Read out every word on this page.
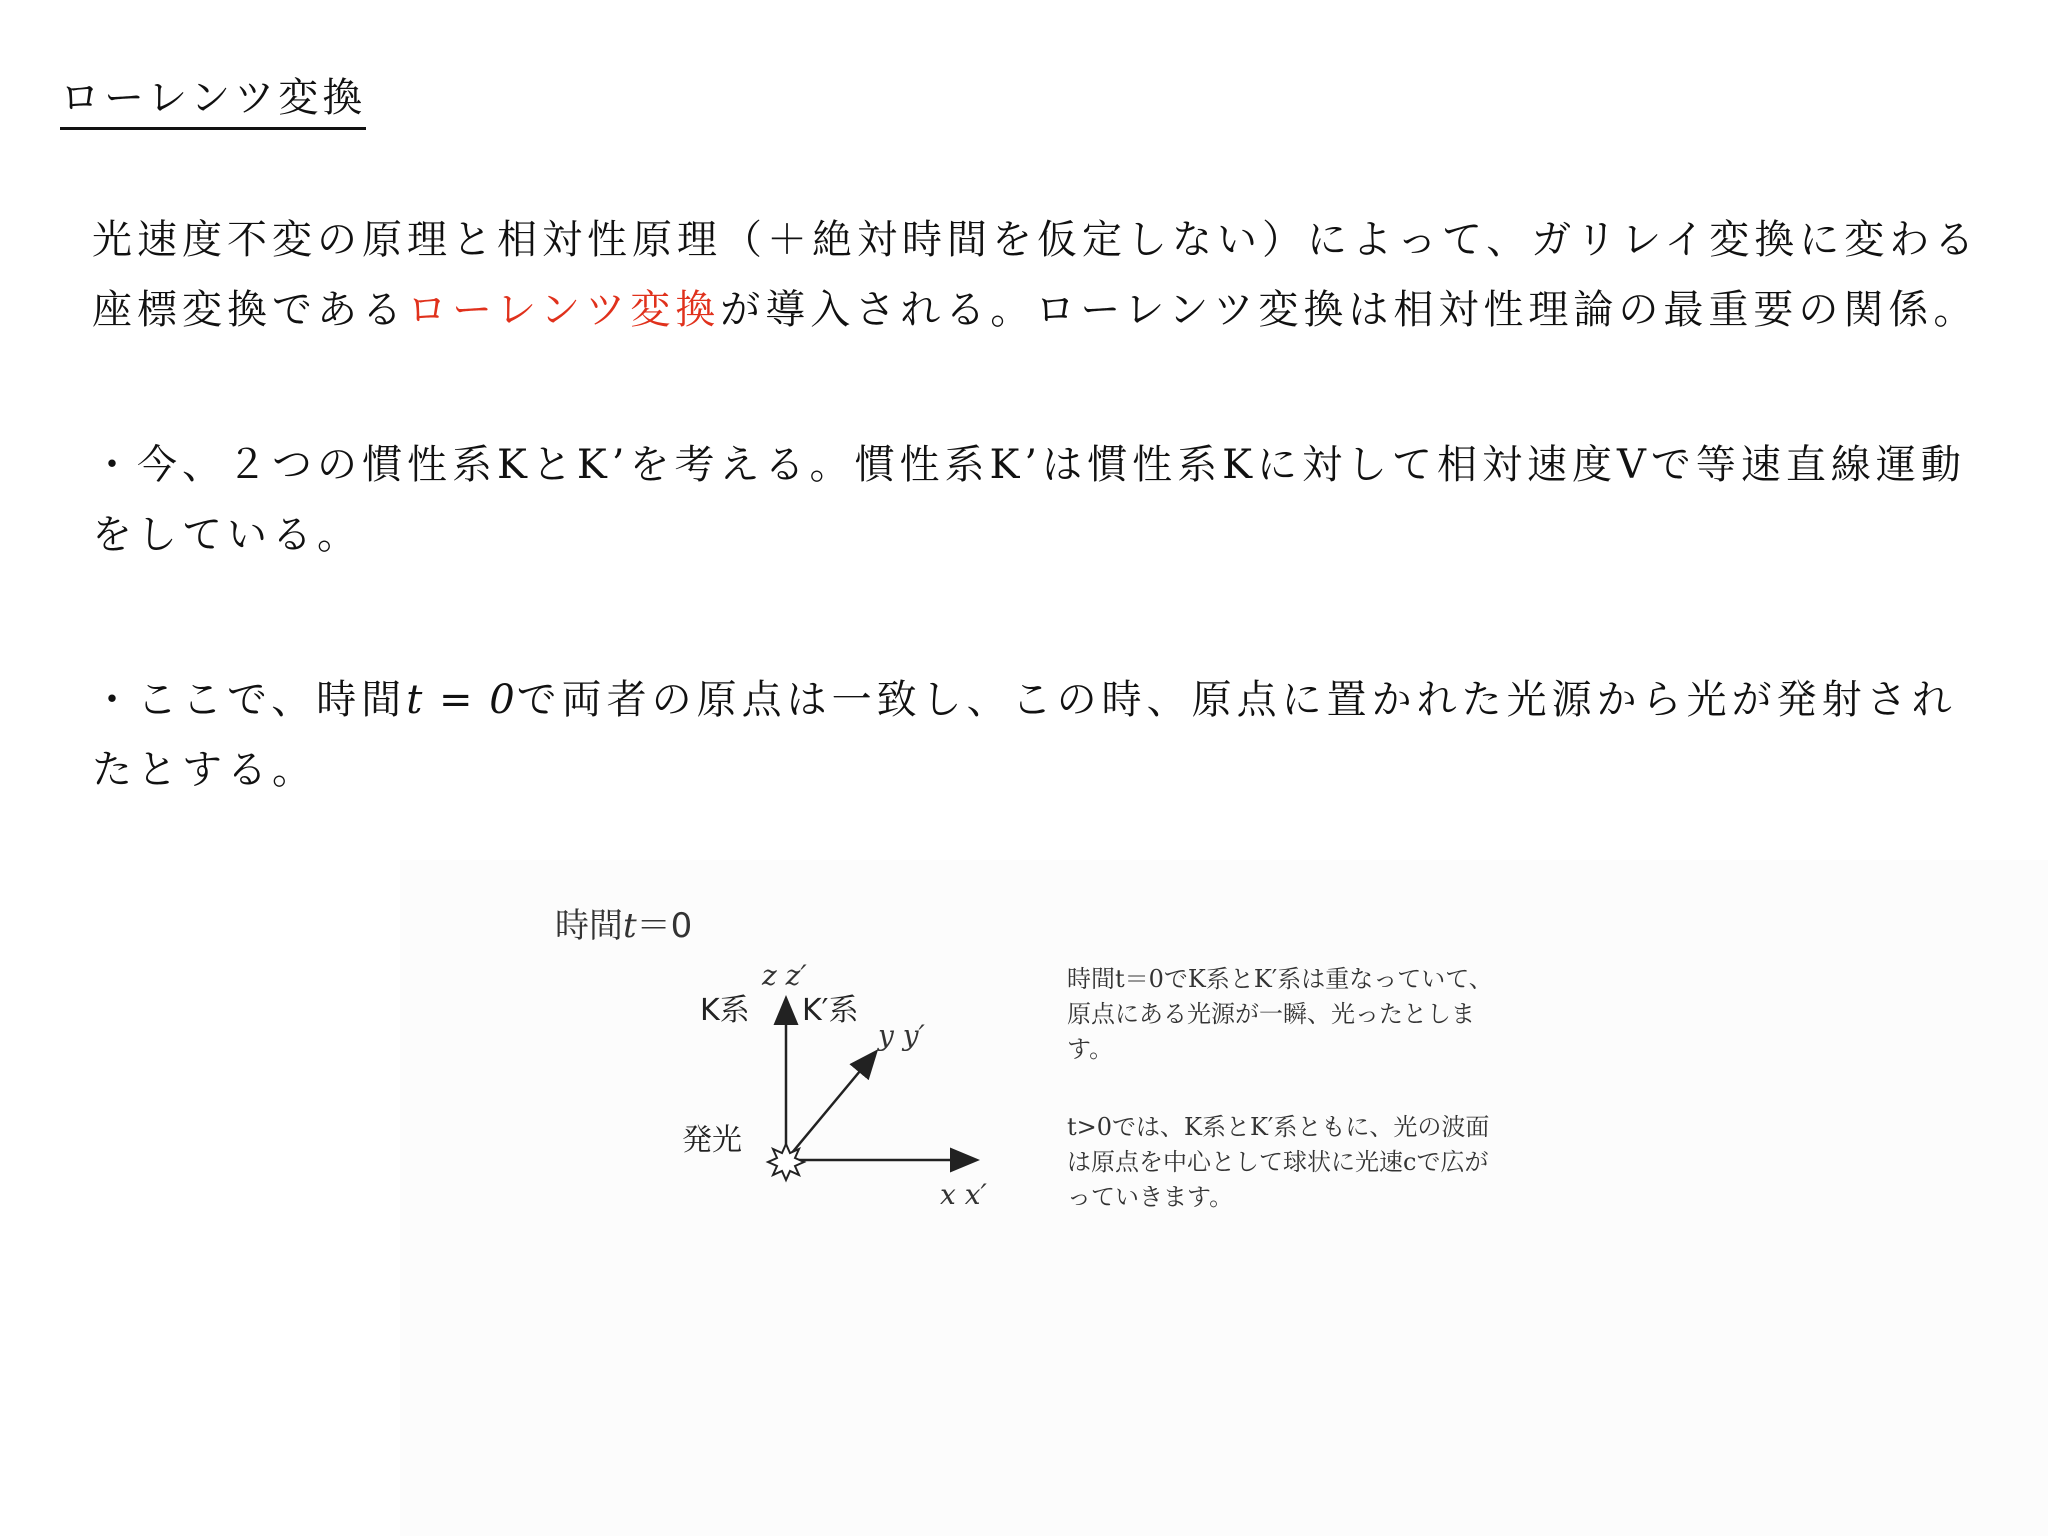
ローレンツ変換

光速度不変の原理と相対性原理（＋絶対時間を仮定しない）によって、ガリレイ変換に変わる座標変換であるローレンツ変換が導入される。ローレンツ変換は相対性理論の最重要の関係。

・今、２つの慣性系KとK’を考える。慣性系K’は慣性系Kに対して相対速度Vで等速直線運動をしている。

・ここで、時間t = 0で両者の原点は一致し、この時、原点に置かれた光源から光が発射されたとする。

時間t＝0
z z′
K系 K′系
y y′
発光
x x′

時間t＝0でK系とK′系は重なっていて、原点にある光源が一瞬、光ったとします。

t>0では、K系とK′系ともに、光の波面は原点を中心として球状に光速cで広がっていきます。
